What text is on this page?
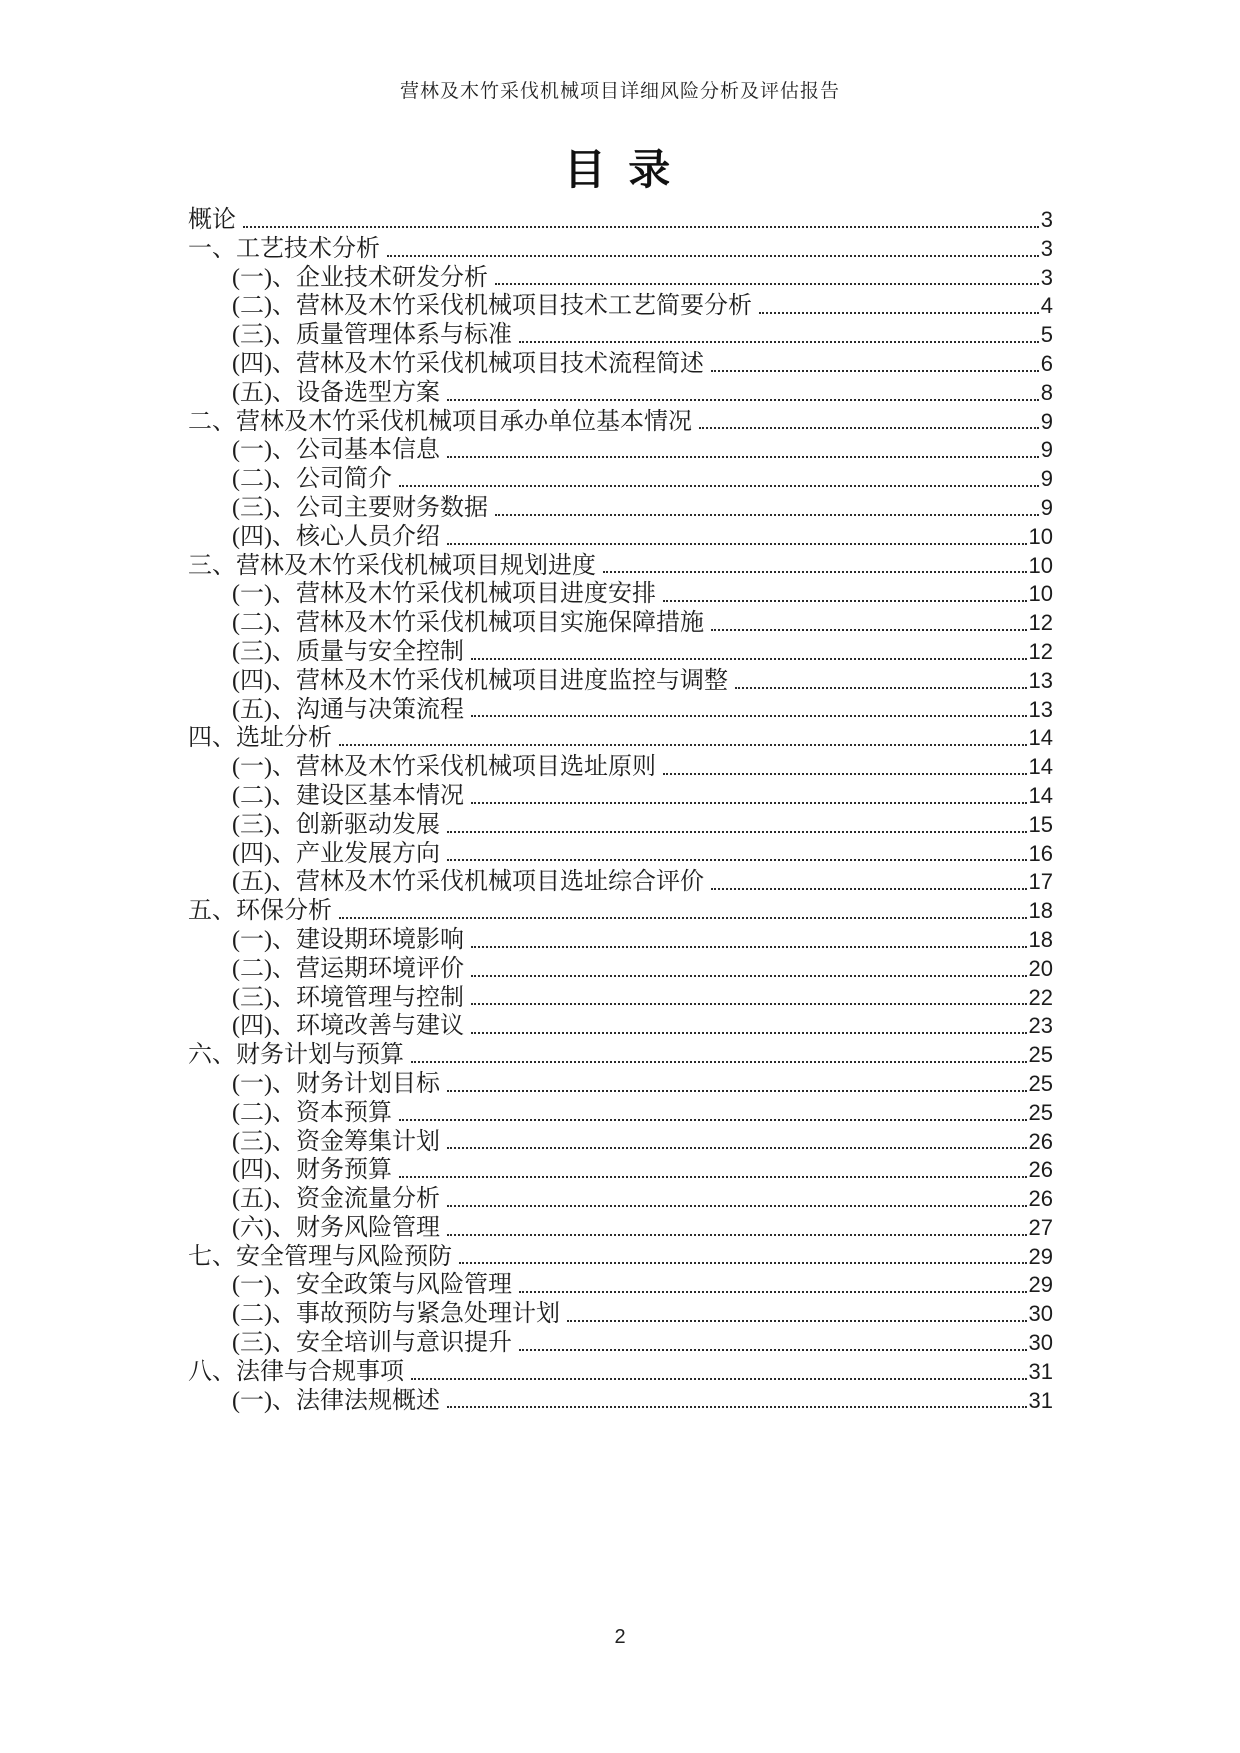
营林及木竹采伐机械项目详细风险分析及评估报告
目 录
概论	3
一、工艺技术分析	3
(一)、企业技术研发分析	3
(二)、营林及木竹采伐机械项目技术工艺简要分析	4
(三)、质量管理体系与标准	5
(四)、营林及木竹采伐机械项目技术流程简述	6
(五)、设备选型方案	8
二、营林及木竹采伐机械项目承办单位基本情况	9
(一)、公司基本信息	9
(二)、公司简介	9
(三)、公司主要财务数据	9
(四)、核心人员介绍	10
三、营林及木竹采伐机械项目规划进度	10
(一)、营林及木竹采伐机械项目进度安排	10
(二)、营林及木竹采伐机械项目实施保障措施	12
(三)、质量与安全控制	12
(四)、营林及木竹采伐机械项目进度监控与调整	13
(五)、沟通与决策流程	13
四、选址分析	14
(一)、营林及木竹采伐机械项目选址原则	14
(二)、建设区基本情况	14
(三)、创新驱动发展	15
(四)、产业发展方向	16
(五)、营林及木竹采伐机械项目选址综合评价	17
五、环保分析	18
(一)、建设期环境影响	18
(二)、营运期环境评价	20
(三)、环境管理与控制	22
(四)、环境改善与建议	23
六、财务计划与预算	25
(一)、财务计划目标	25
(二)、资本预算	25
(三)、资金筹集计划	26
(四)、财务预算	26
(五)、资金流量分析	26
(六)、财务风险管理	27
七、安全管理与风险预防	29
(一)、安全政策与风险管理	29
(二)、事故预防与紧急处理计划	30
(三)、安全培训与意识提升	30
八、法律与合规事项	31
(一)、法律法规概述	31
2
